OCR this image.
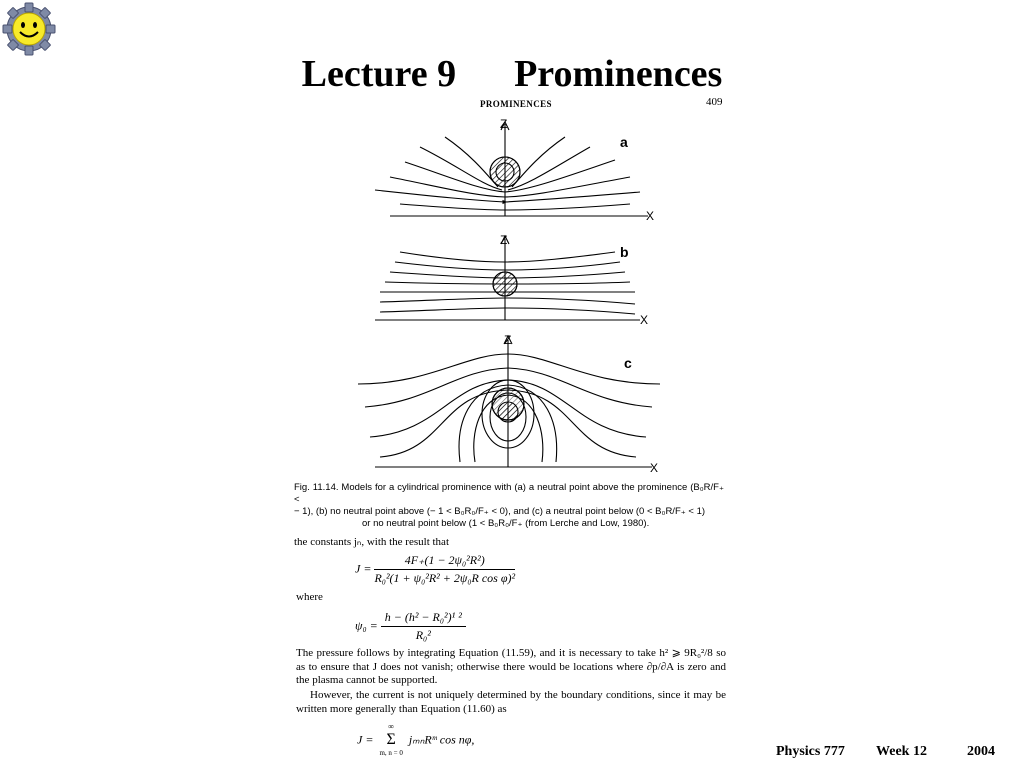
Lecture 9 Prominences
PROMINENCES	409
a
Z
X
b
Z
X
c
Z
X
Fig. 11.14. Models for a cylindrical prominence with (a) a neutral point above the prominence (B₀R/F₊ <
− 1), (b) no neutral point above (− 1 < B₀R₀/F₊ < 0), and (c) a neutral point below (0 < B₀R/F₊ < 1)
or no neutral point below (1 < B₀R₀/F₊ (from Lerche and Low, 1980).
the constants jₙ, with the result that
$J = \frac{\text{4F₊(1 − 2ψ₀²R²)}}{\text{R₀²(1 + ψ₀²R² + 2ψ₀R cos φ)²}}$
where
$\psi_0 = \frac{\text{h − (h² − R₀²)¹ ²}}{\text{R₀²}}$
The pressure follows by integrating Equation (11.59), and it is necessary to take h² ⩾ 9R₀²/8 so as to ensure that J does not vanish; otherwise there would be locations where ∂p/∂A is zero and the plasma cannot be supported.
However, the current is not uniquely determined by the boundary conditions, since it may be written more generally than Equation (11.60) as
J =
∞
Σ
m, n = 0
jₘₙRᵐ cos nφ,
Physics 777 Week 12	2004
